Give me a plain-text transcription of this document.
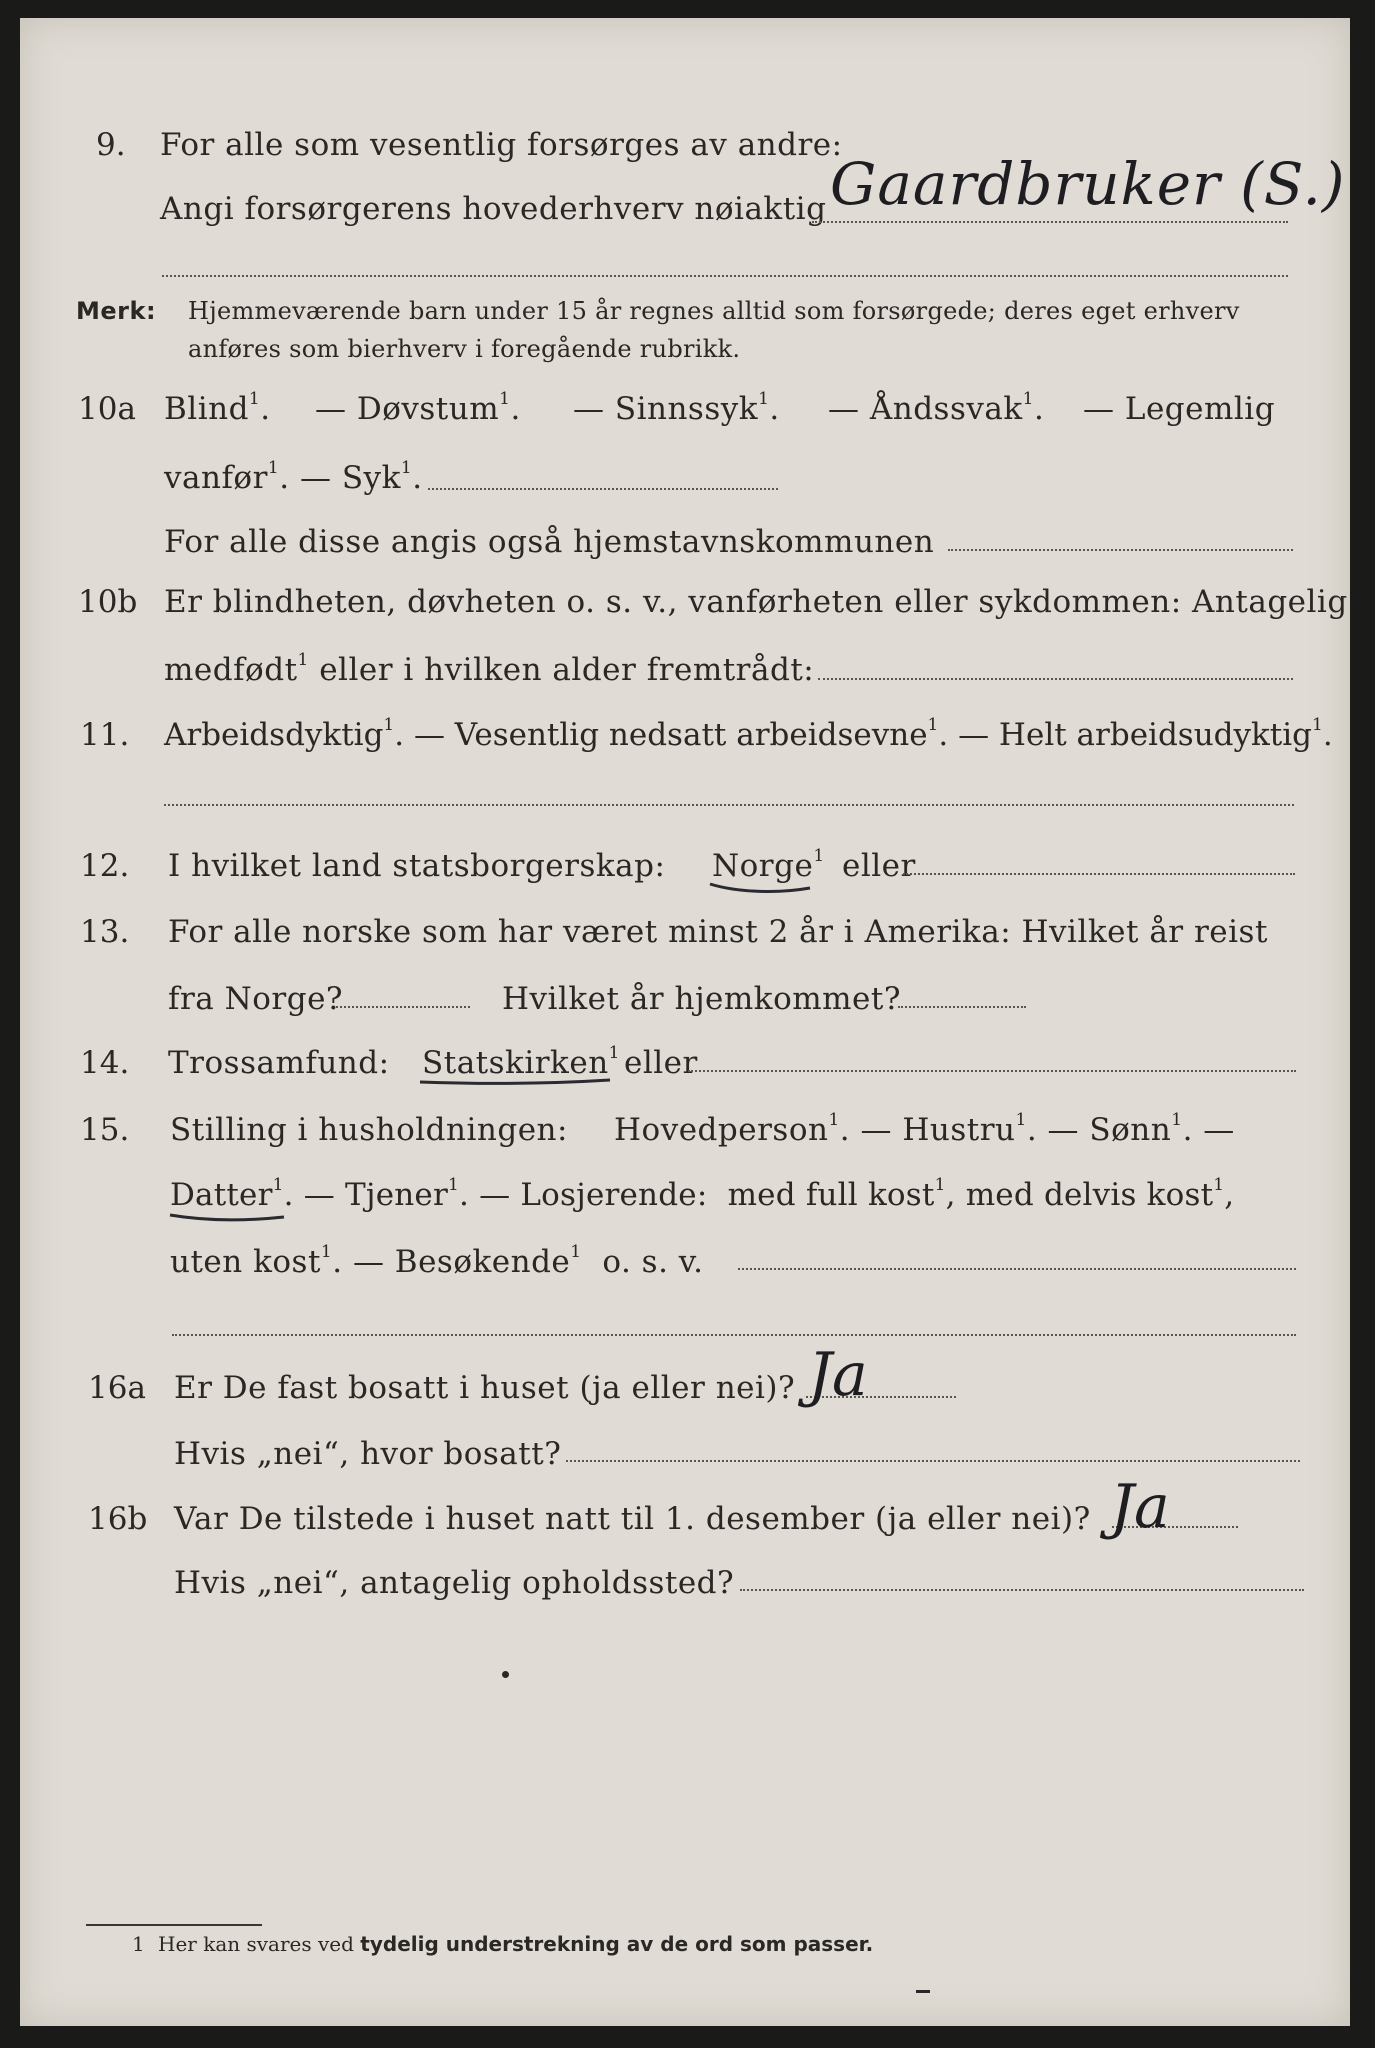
9. For alle som vesentlig forsørges av andre:
Angi forsørgerens hovederhverv nøiaktig Gaardbruker (S.)
Merk: Hjemmeværende barn under 15 år regnes alltid som forsørgede; deres eget erhverv
anføres som bierhverv i foregående rubrikk.
10a Blind$^1$. — Døvstum$^1$. — Sinnssyk$^1$. — Åndssvak$^1$. — Legemlig
vanfør$^1$. — Syk$^1$.
For alle disse angis også hjemstavnskommunen
10b Er blindheten, døvheten o. s. v., vanførheten eller sykdommen: Antagelig
medfødt$^1$ eller i hvilken alder fremtrådt:
11. Arbeidsdyktig$^1$. — Vesentlig nedsatt arbeidsevne$^1$. — Helt arbeidsudyktig$^1$.
12. I hvilket land statsborgerskap: Norge$^1$ eller
13. For alle norske som har været minst 2 år i Amerika: Hvilket år reist
fra Norge?	Hvilket år hjemkommet?
14. Trossamfund: Statskirken$^1$ eller
15. Stilling i husholdningen: Hovedperson$^1$. — Hustru$^1$. — Sønn$^1$. —
Datter$^1$. — Tjener$^1$. — Losjerende: med full kost$^1$, med delvis kost$^1$,
uten kost$^1$. — Besøkende$^1$ o. s. v.
16a Er De fast bosatt i huset (ja eller nei)? Ja
Hvis „nei“, hvor bosatt?
16b Var De tilstede i huset natt til 1. desember (ja eller nei)? Ja
Hvis „nei“, antagelig opholdssted?
1 Her kan svares ved tydelig understrekning av de ord som passer.
